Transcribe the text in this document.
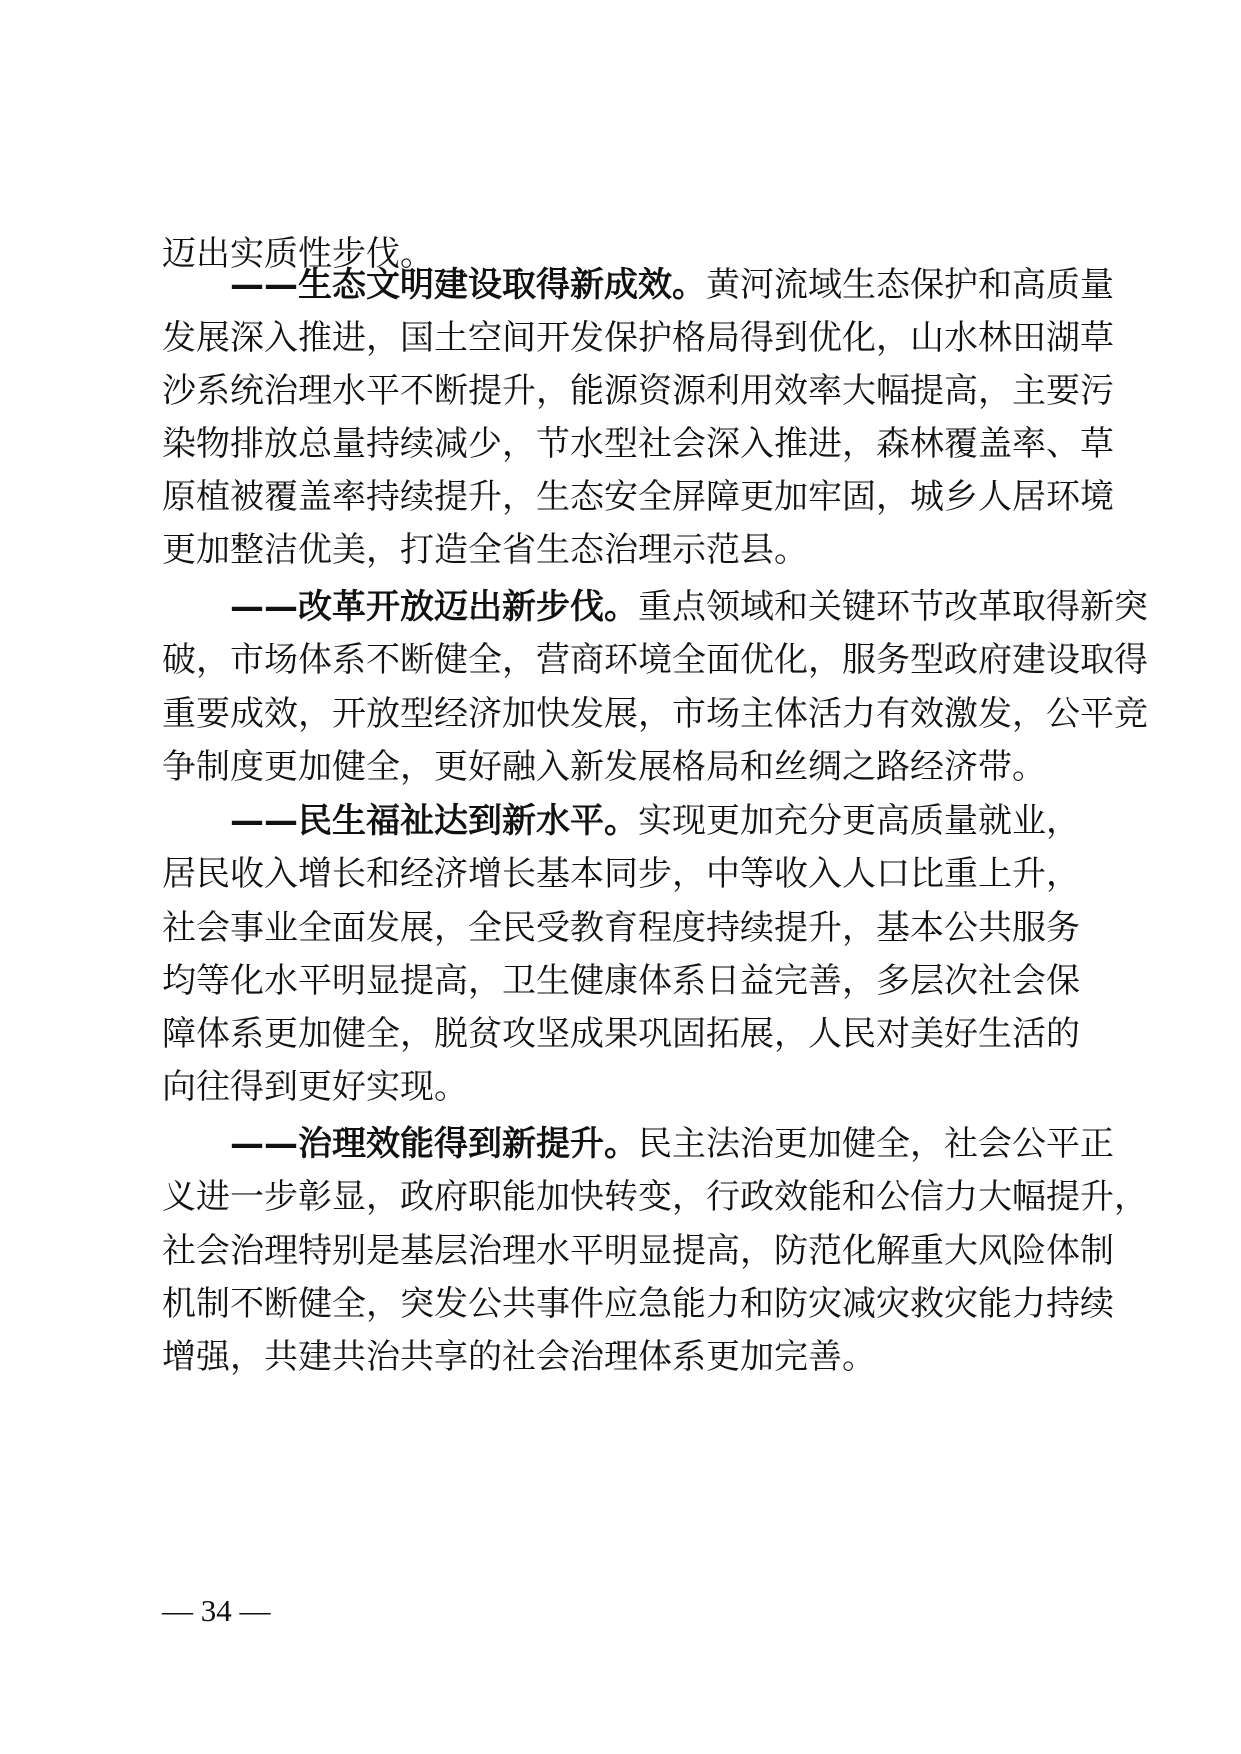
迈出实质性步伐。
——生态文明建设取得新成效。黄河流域生态保护和高质量
发展深入推进，国土空间开发保护格局得到优化，山水林田湖草
沙系统治理水平不断提升，能源资源利用效率大幅提高，主要污
染物排放总量持续减少，节水型社会深入推进，森林覆盖率、草
原植被覆盖率持续提升，生态安全屏障更加牢固，城乡人居环境
更加整洁优美，打造全省生态治理示范县。
——改革开放迈出新步伐。重点领域和关键环节改革取得新突
破，市场体系不断健全，营商环境全面优化，服务型政府建设取得
重要成效，开放型经济加快发展，市场主体活力有效激发，公平竞
争制度更加健全，更好融入新发展格局和丝绸之路经济带。
——民生福祉达到新水平。实现更加充分更高质量就业，
居民收入增长和经济增长基本同步，中等收入人口比重上升，
社会事业全面发展，全民受教育程度持续提升，基本公共服务
均等化水平明显提高，卫生健康体系日益完善，多层次社会保
障体系更加健全，脱贫攻坚成果巩固拓展，人民对美好生活的
向往得到更好实现。
——治理效能得到新提升。民主法治更加健全，社会公平正
义进一步彰显，政府职能加快转变，行政效能和公信力大幅提升，
社会治理特别是基层治理水平明显提高，防范化解重大风险体制
机制不断健全，突发公共事件应急能力和防灾减灾救灾能力持续
增强，共建共治共享的社会治理体系更加完善。
— 34 —
